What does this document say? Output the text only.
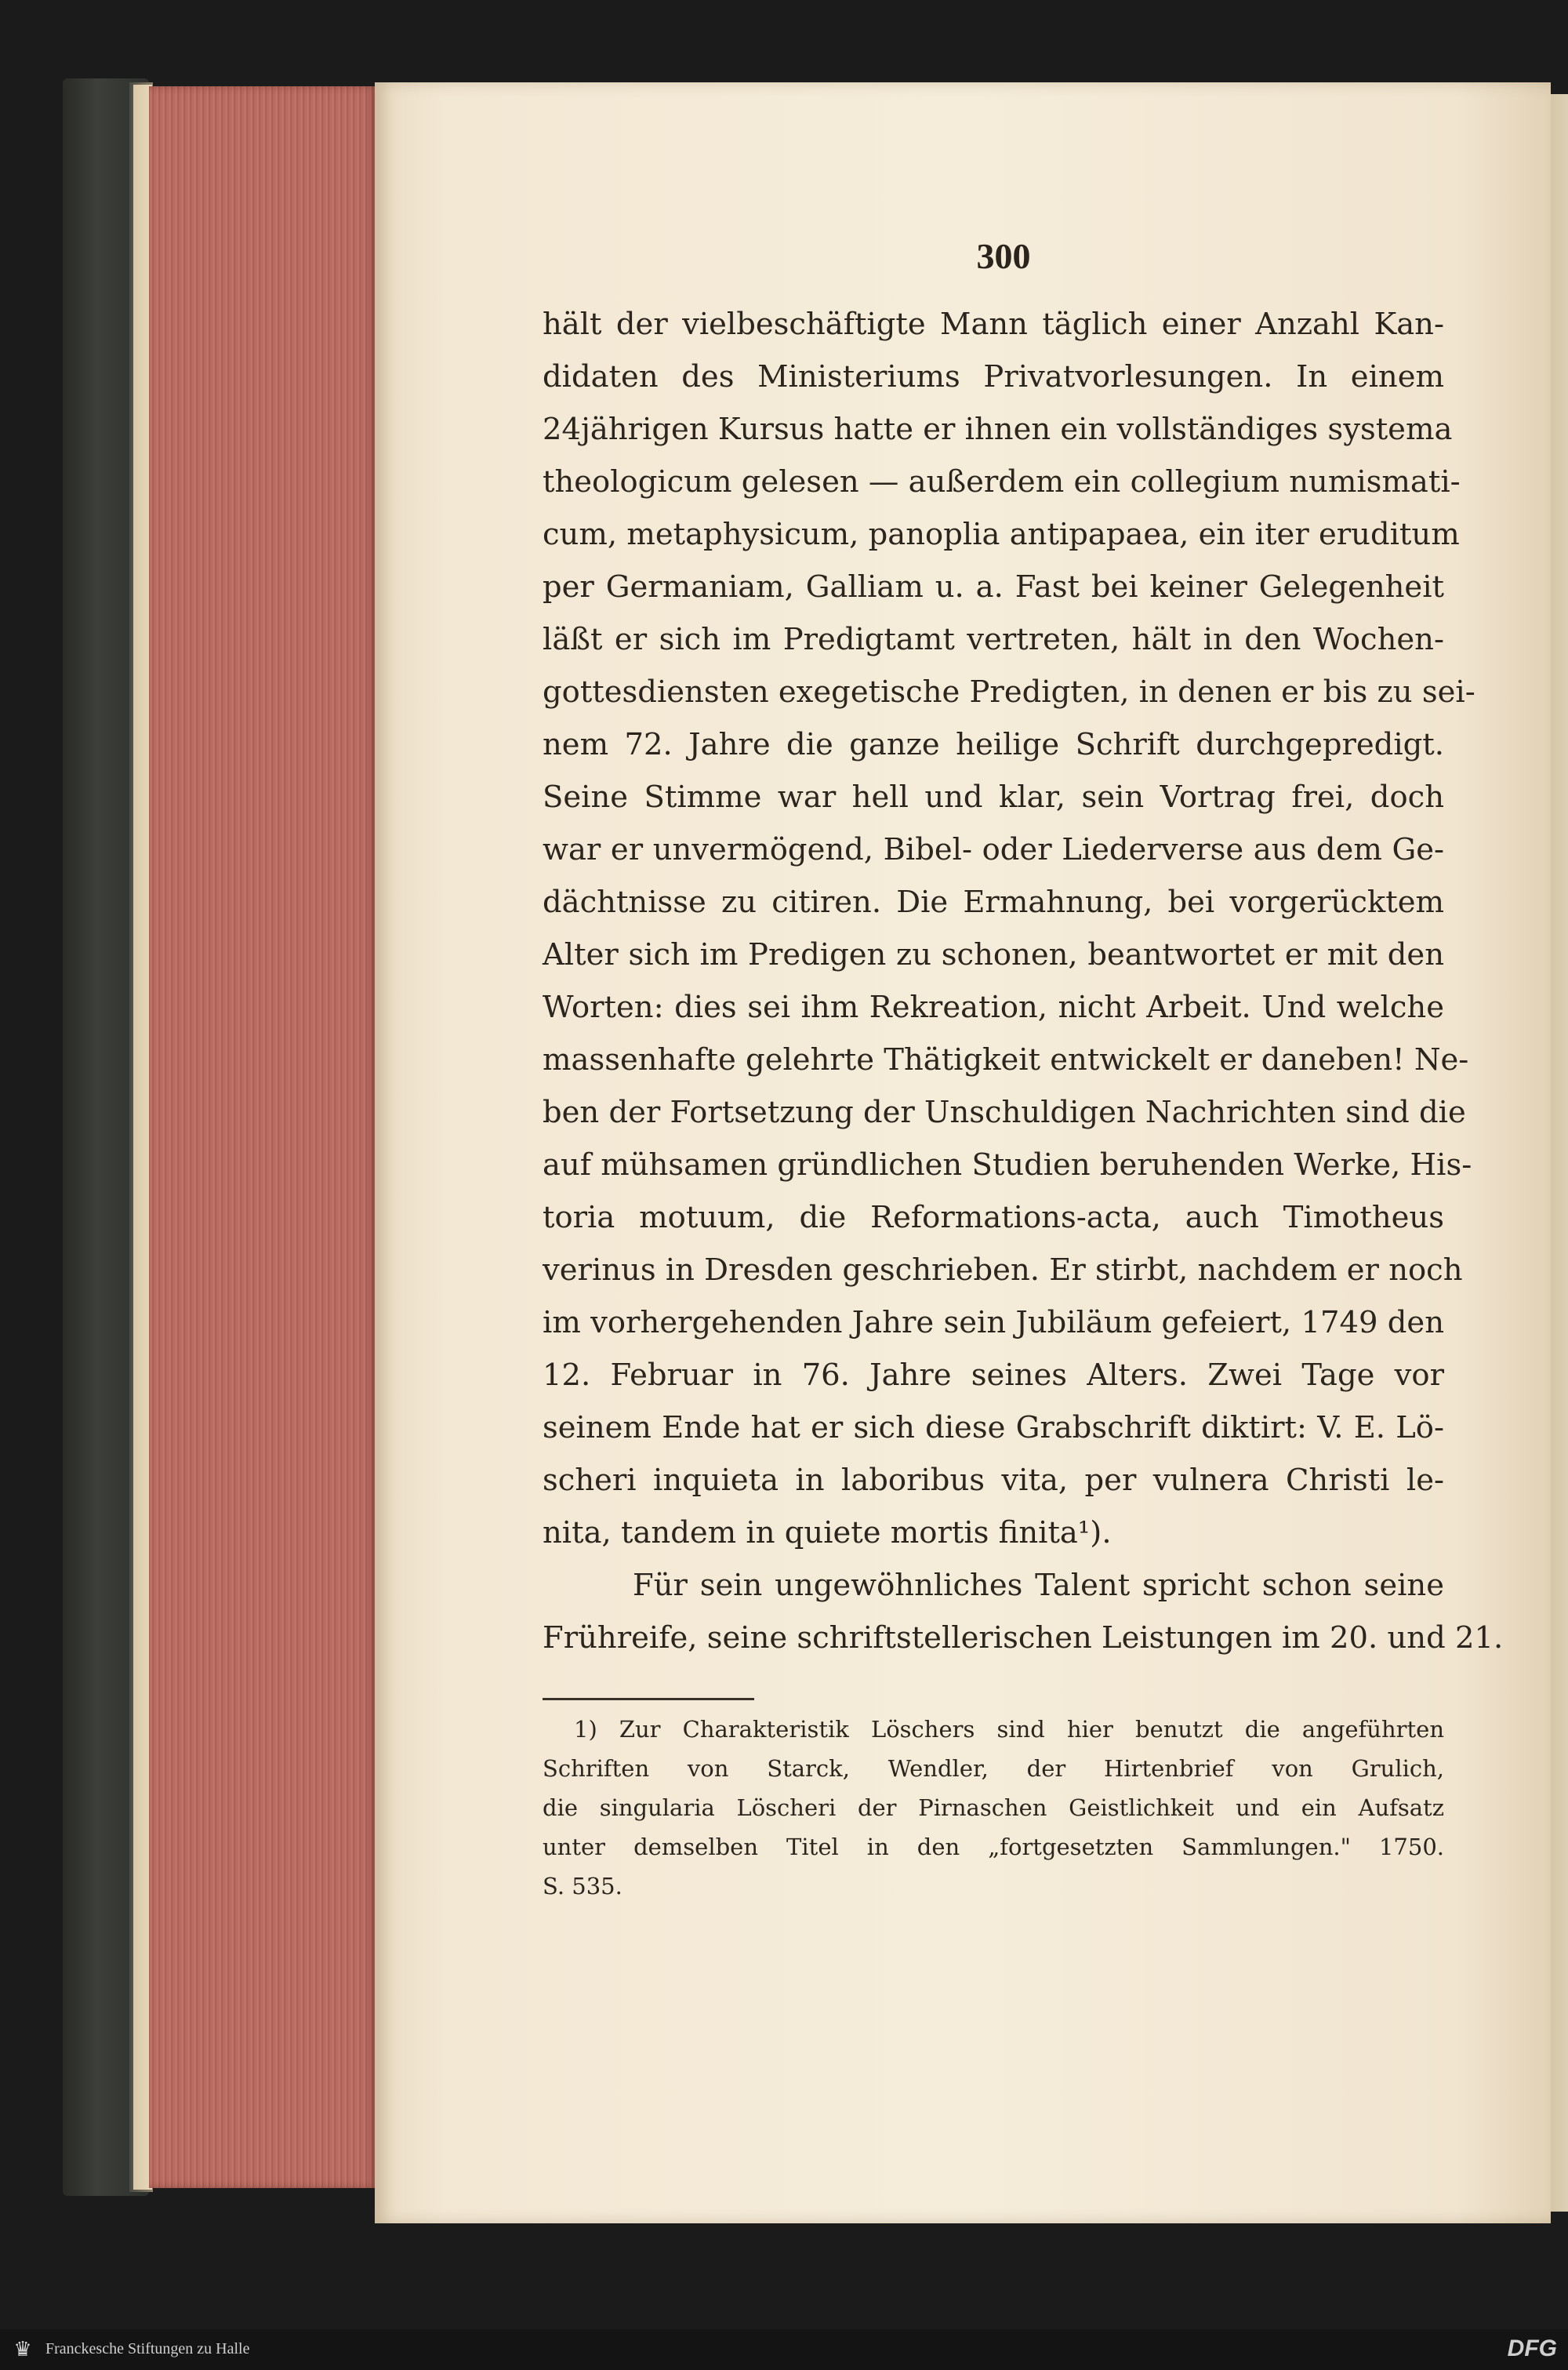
300
hält der vielbeschäftigte Mann täglich einer Anzahl Kan-
didaten des Ministeriums Privatvorlesungen. In einem
24jährigen Kursus hatte er ihnen ein vollständiges systema
theologicum gelesen — außerdem ein collegium numismati-
cum, metaphysicum, panoplia antipapaea, ein iter eruditum
per Germaniam, Galliam u. a. Fast bei keiner Gelegenheit
läßt er sich im Predigtamt vertreten, hält in den Wochen-
gottesdiensten exegetische Predigten, in denen er bis zu sei-
nem 72. Jahre die ganze heilige Schrift durchgepredigt.
Seine Stimme war hell und klar, sein Vortrag frei, doch
war er unvermögend, Bibel- oder Liederverse aus dem Ge-
dächtnisse zu citiren. Die Ermahnung, bei vorgerücktem
Alter sich im Predigen zu schonen, beantwortet er mit den
Worten: dies sei ihm Rekreation, nicht Arbeit. Und welche
massenhafte gelehrte Thätigkeit entwickelt er daneben! Ne-
ben der Fortsetzung der Unschuldigen Nachrichten sind die
auf mühsamen gründlichen Studien beruhenden Werke, His-
toria motuum, die Reformations-acta, auch Timotheus
verinus in Dresden geschrieben. Er stirbt, nachdem er noch
im vorhergehenden Jahre sein Jubiläum gefeiert, 1749 den
12. Februar in 76. Jahre seines Alters. Zwei Tage vor
seinem Ende hat er sich diese Grabschrift diktirt: V. E. Lö-
scheri inquieta in laboribus vita, per vulnera Christi le-
nita, tandem in quiete mortis finita¹).
Für sein ungewöhnliches Talent spricht schon seine
Frühreife, seine schriftstellerischen Leistungen im 20. und 21.
1) Zur Charakteristik Löschers sind hier benutzt die angeführten
Schriften von Starck, Wendler, der Hirtenbrief von Grulich,
die singularia Löscheri der Pirnaschen Geistlichkeit und ein Aufsatz
unter demselben Titel in den „fortgesetzten Sammlungen." 1750.
S. 535.
♛ Franckesche Stiftungen zu Halle	DFG
